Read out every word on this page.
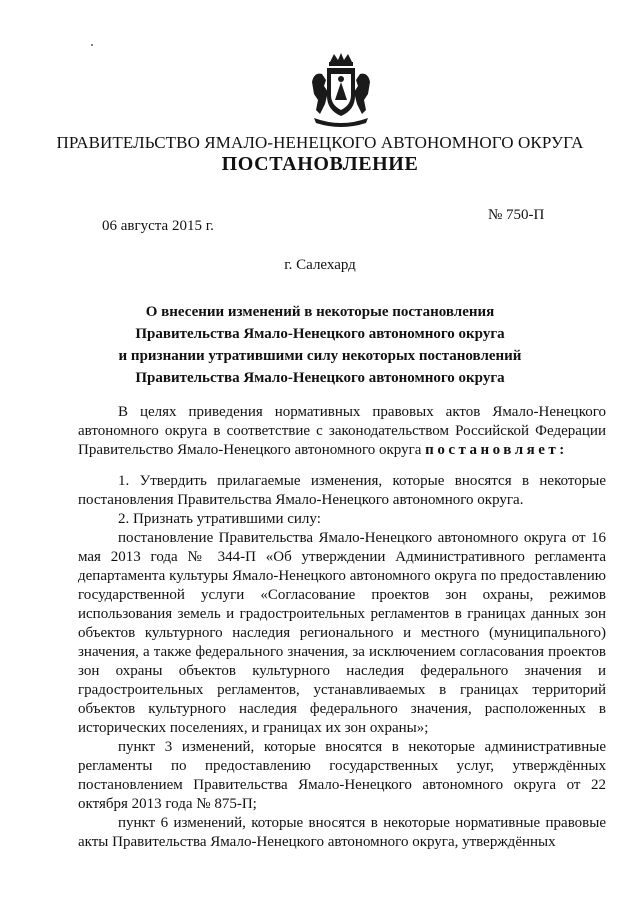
ПРАВИТЕЛЬСТВО ЯМАЛО-НЕНЕЦКОГО АВТОНОМНОГО ОКРУГА
ПОСТАНОВЛЕНИЕ
06 августа 2015 г.
№ 750-П
г. Салехард
О внесении изменений в некоторые постановления
Правительства Ямало-Ненецкого автономного округа
и признании утратившими силу некоторых постановлений
Правительства Ямало-Ненецкого автономного округа

В целях приведения нормативных правовых актов Ямало-Ненецкого автономного округа в соответствие с законодательством Российской Федерации Правительство Ямало-Ненецкого автономного округа постановляет:

1. Утвердить прилагаемые изменения, которые вносятся в некоторые постановления Правительства Ямало-Ненецкого автономного округа.

2. Признать утратившими силу:

постановление Правительства Ямало-Ненецкого автономного округа от 16 мая 2013 года № 344-П «Об утверждении Административного регламента департамента культуры Ямало-Ненецкого автономного округа по предоставлению государственной услуги «Согласование проектов зон охраны, режимов использования земель и градостроительных регламентов в границах данных зон объектов культурного наследия регионального и местного (муниципального) значения, а также федерального значения, за исключением согласования проектов зон охраны объектов культурного наследия федерального значения и градостроительных регламентов, устанавливаемых в границах территорий объектов культурного наследия федерального значения, расположенных в исторических поселениях, и границах их зон охраны»;

пункт 3 изменений, которые вносятся в некоторые административные регламенты по предоставлению государственных услуг, утверждённых постановлением Правительства Ямало-Ненецкого автономного округа от 22 октября 2013 года № 875-П;

пункт 6 изменений, которые вносятся в некоторые нормативные правовые акты Правительства Ямало-Ненецкого автономного округа, утверждённых
